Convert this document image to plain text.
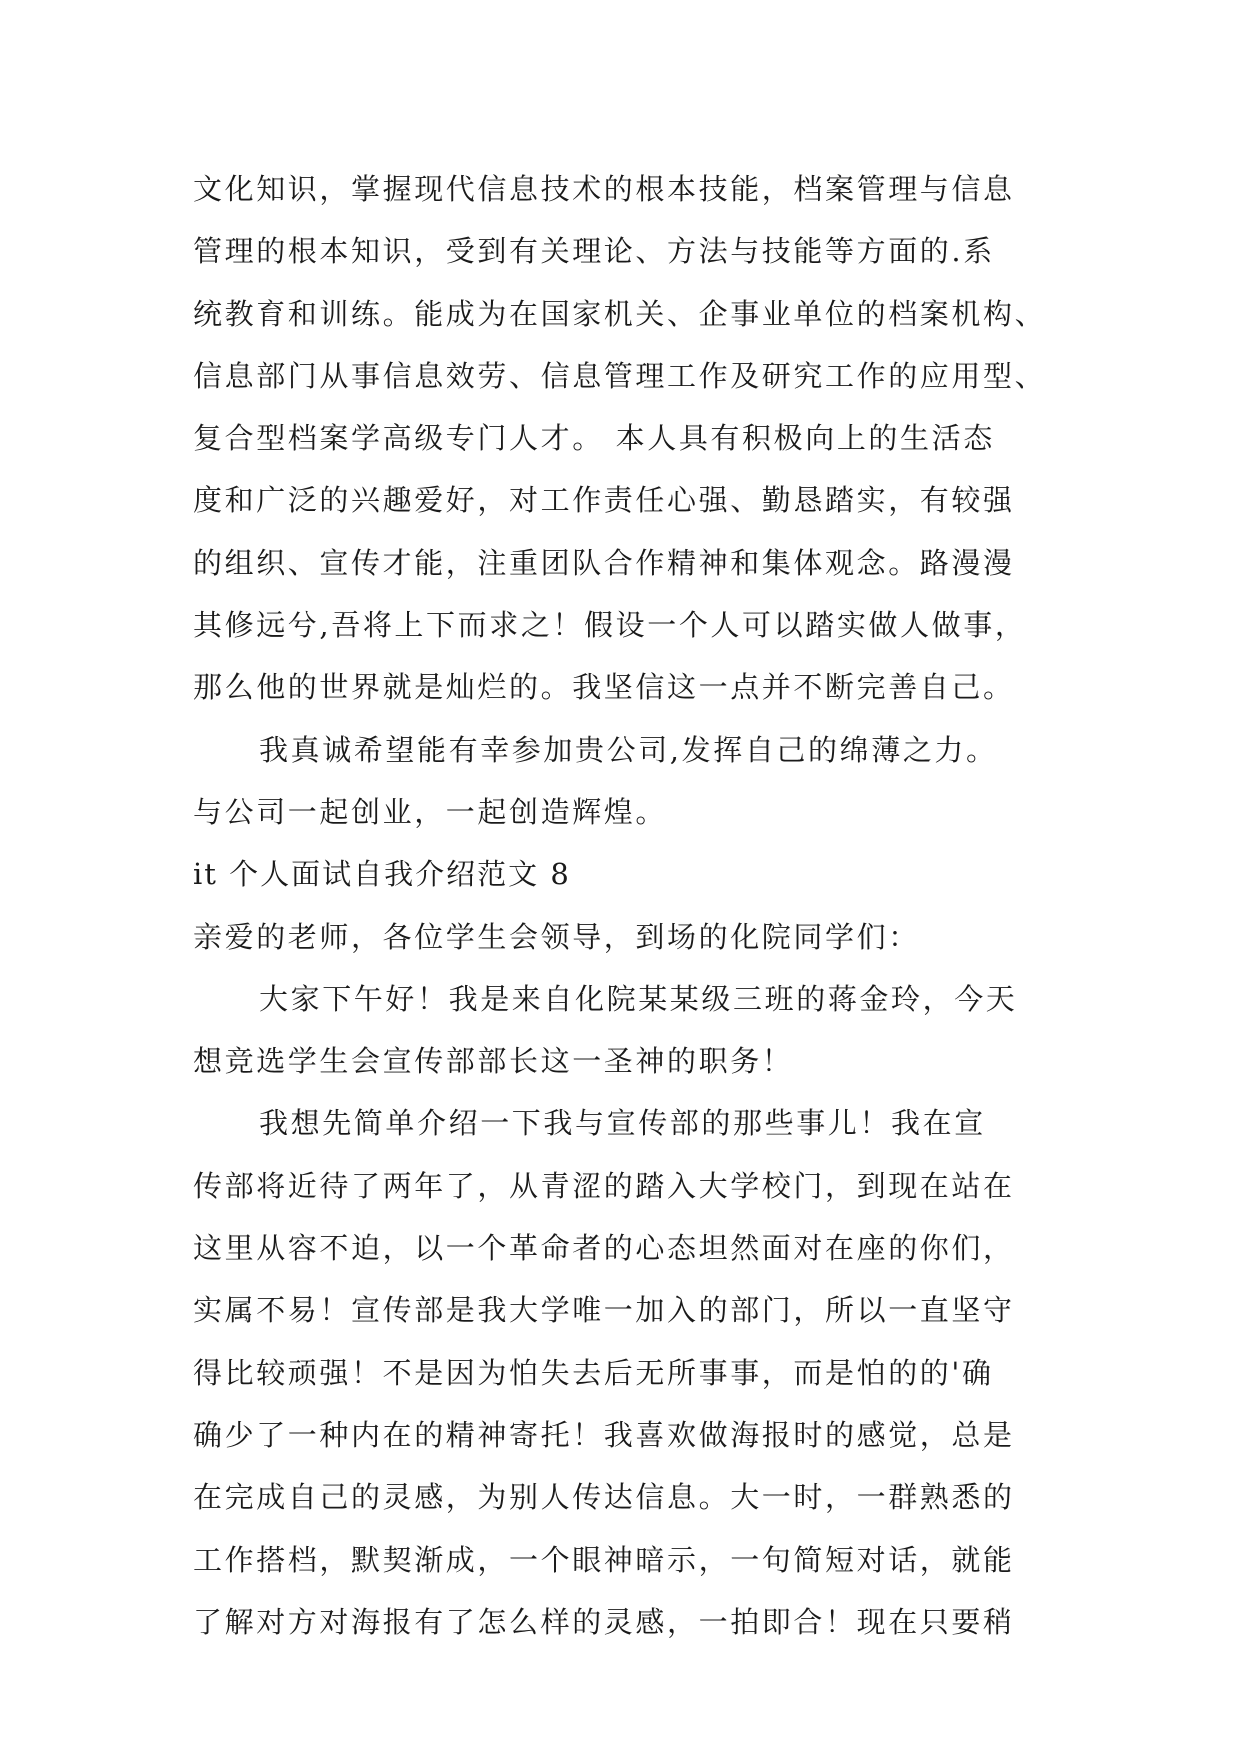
文化知识，掌握现代信息技术的根本技能，档案管理与信息
管理的根本知识，受到有关理论、方法与技能等方面的.系
统教育和训练。能成为在国家机关、企事业单位的档案机构、
信息部门从事信息效劳、信息管理工作及研究工作的应用型、
复合型档案学高级专门人才。 本人具有积极向上的生活态
度和广泛的兴趣爱好，对工作责任心强、勤恳踏实，有较强
的组织、宣传才能，注重团队合作精神和集体观念。路漫漫
其修远兮,吾将上下而求之！假设一个人可以踏实做人做事，
那么他的世界就是灿烂的。我坚信这一点并不断完善自己。
我真诚希望能有幸参加贵公司,发挥自己的绵薄之力。
与公司一起创业，一起创造辉煌。
it 个人面试自我介绍范文 8
亲爱的老师，各位学生会领导，到场的化院同学们：
大家下午好！我是来自化院某某级三班的蒋金玲，今天
想竞选学生会宣传部部长这一圣神的职务！
我想先简单介绍一下我与宣传部的那些事儿！我在宣
传部将近待了两年了，从青涩的踏入大学校门，到现在站在
这里从容不迫，以一个革命者的心态坦然面对在座的你们，
实属不易！宣传部是我大学唯一加入的部门，所以一直坚守
得比较顽强！不是因为怕失去后无所事事，而是怕的的'确
确少了一种内在的精神寄托！我喜欢做海报时的感觉，总是
在完成自己的灵感，为别人传达信息。大一时，一群熟悉的
工作搭档，默契渐成，一个眼神暗示，一句简短对话，就能
了解对方对海报有了怎么样的灵感，一拍即合！现在只要稍
